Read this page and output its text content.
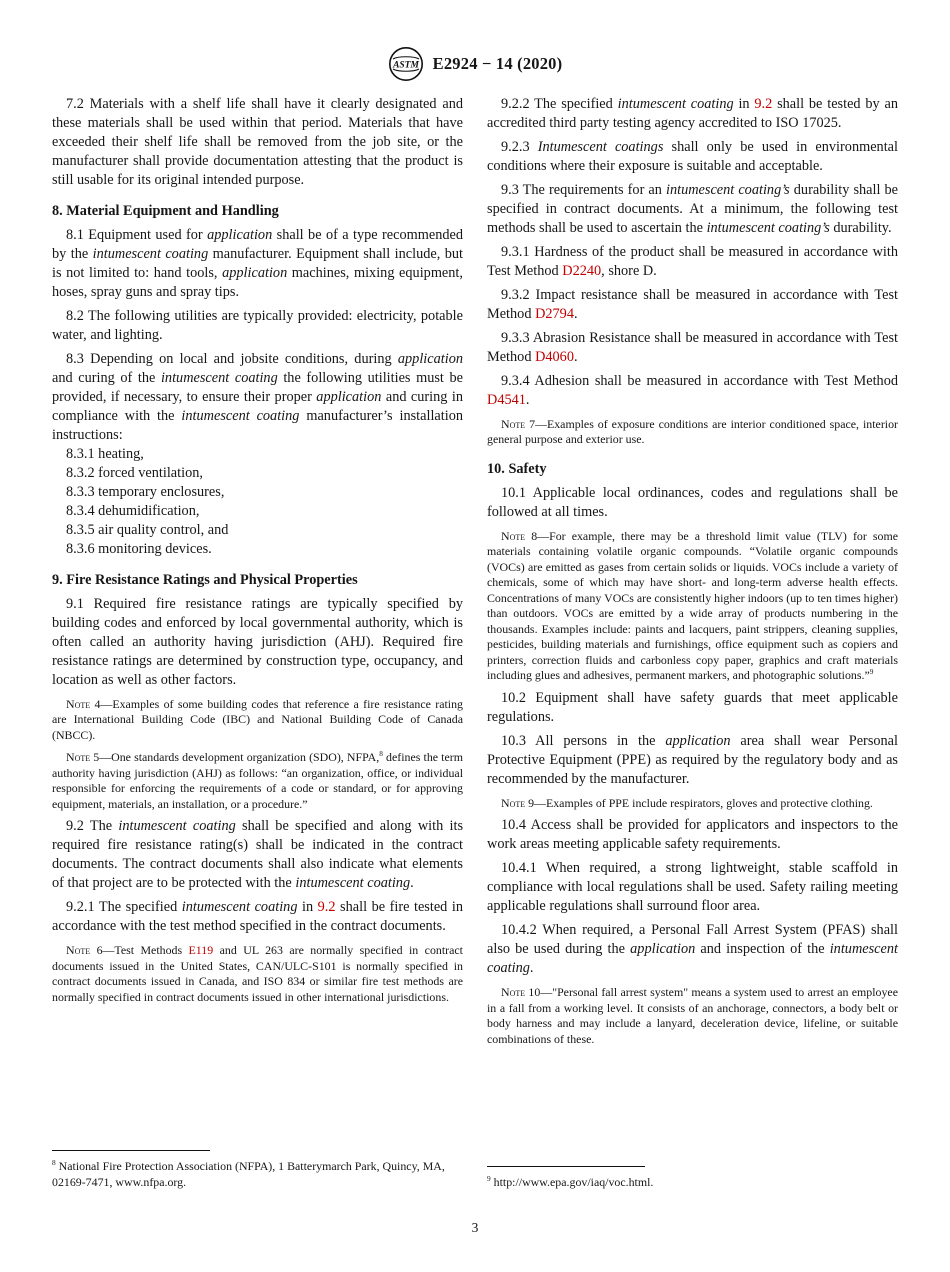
ASTM E2924 − 14 (2020)

7.2 Materials with a shelf life shall have it clearly designated and these materials shall be used within that period. Materials that have exceeded their shelf life shall be removed from the job site, or the manufacturer shall provide documentation attesting that the product is still usable for its original intended purpose.

8. Material Equipment and Handling

8.1 Equipment used for application shall be of a type recommended by the intumescent coating manufacturer. Equipment shall include, but is not limited to: hand tools, application machines, mixing equipment, hoses, spray guns and spray tips.

8.2 The following utilities are typically provided: electricity, potable water, and lighting.

8.3 Depending on local and jobsite conditions, during application and curing of the intumescent coating the following utilities must be provided, if necessary, to ensure their proper application and curing in compliance with the intumescent coating manufacturer’s installation instructions:

8.3.1 heating,

8.3.2 forced ventilation,

8.3.3 temporary enclosures,

8.3.4 dehumidification,

8.3.5 air quality control, and

8.3.6 monitoring devices.

9. Fire Resistance Ratings and Physical Properties

9.1 Required fire resistance ratings are typically specified by building codes and enforced by local governmental authority, which is often called an authority having jurisdiction (AHJ). Required fire resistance ratings are determined by construction type, occupancy, and location as well as other factors.

Note 4—Examples of some building codes that reference a fire resistance rating are International Building Code (IBC) and National Building Code of Canada (NBCC).

Note 5—One standards development organization (SDO), NFPA,$^8$ defines the term authority having jurisdiction (AHJ) as follows: “an organization, office, or individual responsible for enforcing the requirements of a code or standard, or for approving equipment, materials, an installation, or a procedure.”

9.2 The intumescent coating shall be specified and along with its required fire resistance rating(s) shall be indicated in the contract documents. The contract documents shall also indicate what elements of that project are to be protected with the intumescent coating.

9.2.1 The specified intumescent coating in 9.2 shall be fire tested in accordance with the test method specified in the contract documents.

Note 6—Test Methods E119 and UL 263 are normally specified in contract documents issued in the United States, CAN/ULC-S101 is normally specified in contract documents issued in Canada, and ISO 834 or similar fire test methods are normally specified in contract documents issued in other international jurisdictions.

9.2.2 The specified intumescent coating in 9.2 shall be tested by an accredited third party testing agency accredited to ISO 17025.

9.2.3 Intumescent coatings shall only be used in environmental conditions where their exposure is suitable and acceptable.

9.3 The requirements for an intumescent coating’s durability shall be specified in contract documents. At a minimum, the following test methods shall be used to ascertain the intumescent coating’s durability.

9.3.1 Hardness of the product shall be measured in accordance with Test Method D2240, shore D.

9.3.2 Impact resistance shall be measured in accordance with Test Method D2794.

9.3.3 Abrasion Resistance shall be measured in accordance with Test Method D4060.

9.3.4 Adhesion shall be measured in accordance with Test Method D4541.

Note 7—Examples of exposure conditions are interior conditioned space, interior general purpose and exterior use.

10. Safety

10.1 Applicable local ordinances, codes and regulations shall be followed at all times.

Note 8—For example, there may be a threshold limit value (TLV) for some materials containing volatile organic compounds. “Volatile organic compounds (VOCs) are emitted as gases from certain solids or liquids. VOCs include a variety of chemicals, some of which may have short- and long-term adverse health effects. Concentrations of many VOCs are consistently higher indoors (up to ten times higher) than outdoors. VOCs are emitted by a wide array of products numbering in the thousands. Examples include: paints and lacquers, paint strippers, cleaning supplies, pesticides, building materials and furnishings, office equipment such as copiers and printers, correction fluids and carbonless copy paper, graphics and craft materials including glues and adhesives, permanent markers, and photographic solutions.”$^9$

10.2 Equipment shall have safety guards that meet applicable regulations.

10.3 All persons in the application area shall wear Personal Protective Equipment (PPE) as required by the regulatory body and as recommended by the manufacturer.

Note 9—Examples of PPE include respirators, gloves and protective clothing.

10.4 Access shall be provided for applicators and inspectors to the work areas meeting applicable safety requirements.

10.4.1 When required, a strong lightweight, stable scaffold in compliance with local regulations shall be used. Safety railing meeting applicable regulations shall surround floor area.

10.4.2 When required, a Personal Fall Arrest System (PFAS) shall also be used during the application and inspection of the intumescent coating.

Note 10—"Personal fall arrest system" means a system used to arrest an employee in a fall from a working level. It consists of an anchorage, connectors, a body belt or body harness and may include a lanyard, deceleration device, lifeline, or suitable combinations of these.

$^8$ National Fire Protection Association (NFPA), 1 Batterymarch Park, Quincy, MA, 02169-7471, www.nfpa.org.	$^9$ http://www.epa.gov/iaq/voc.html.

3
